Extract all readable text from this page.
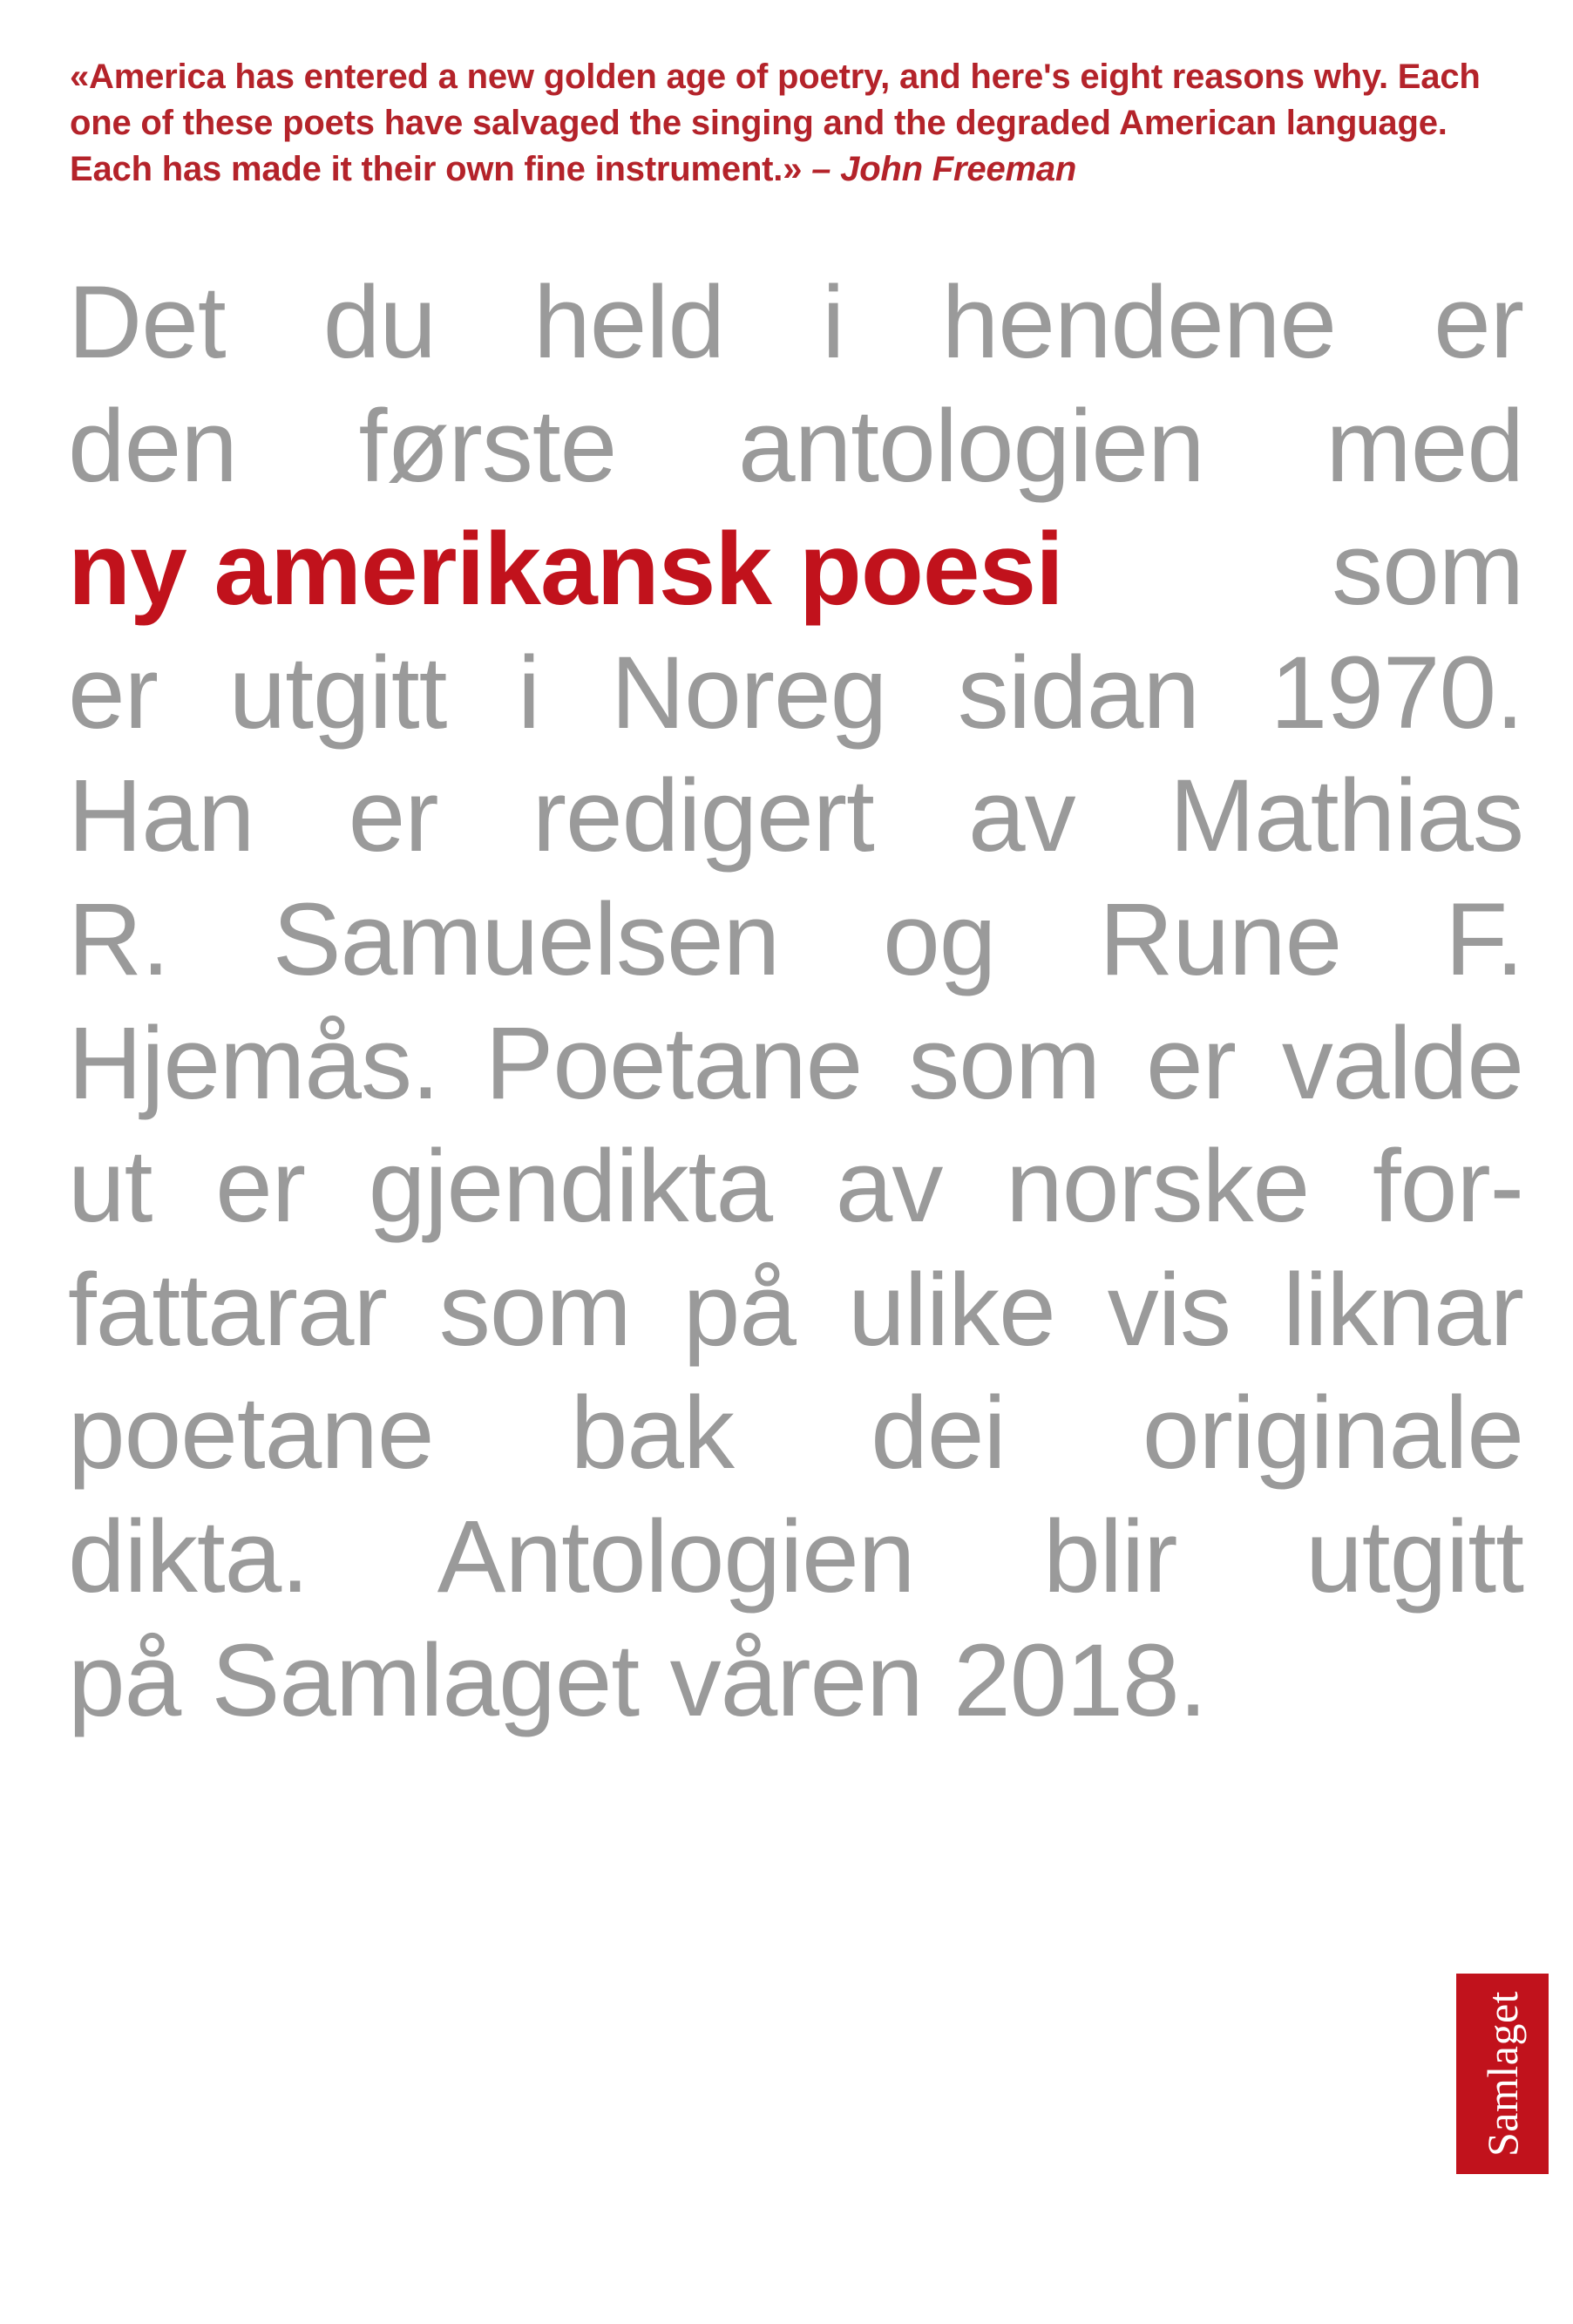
«America has entered a new golden age of poetry, and here's eight reasons why. Each one of these poets have salvaged the singing and the degraded American language. Each has made it their own fine instrument.» – John Freeman
Det du held i hendene er
den første antologien med
ny amerikansk poesi	som
er utgitt i Noreg sidan 1970.
Han er redigert av Mathias
R. Samuelsen og Rune F.
Hjemås. Poetane som er valde
ut er gjendikta av norske for-
fattarar som på ulike vis liknar
poetane bak dei originale
dikta. Antologien blir utgitt
på Samlaget våren 2018.
Samlaget
